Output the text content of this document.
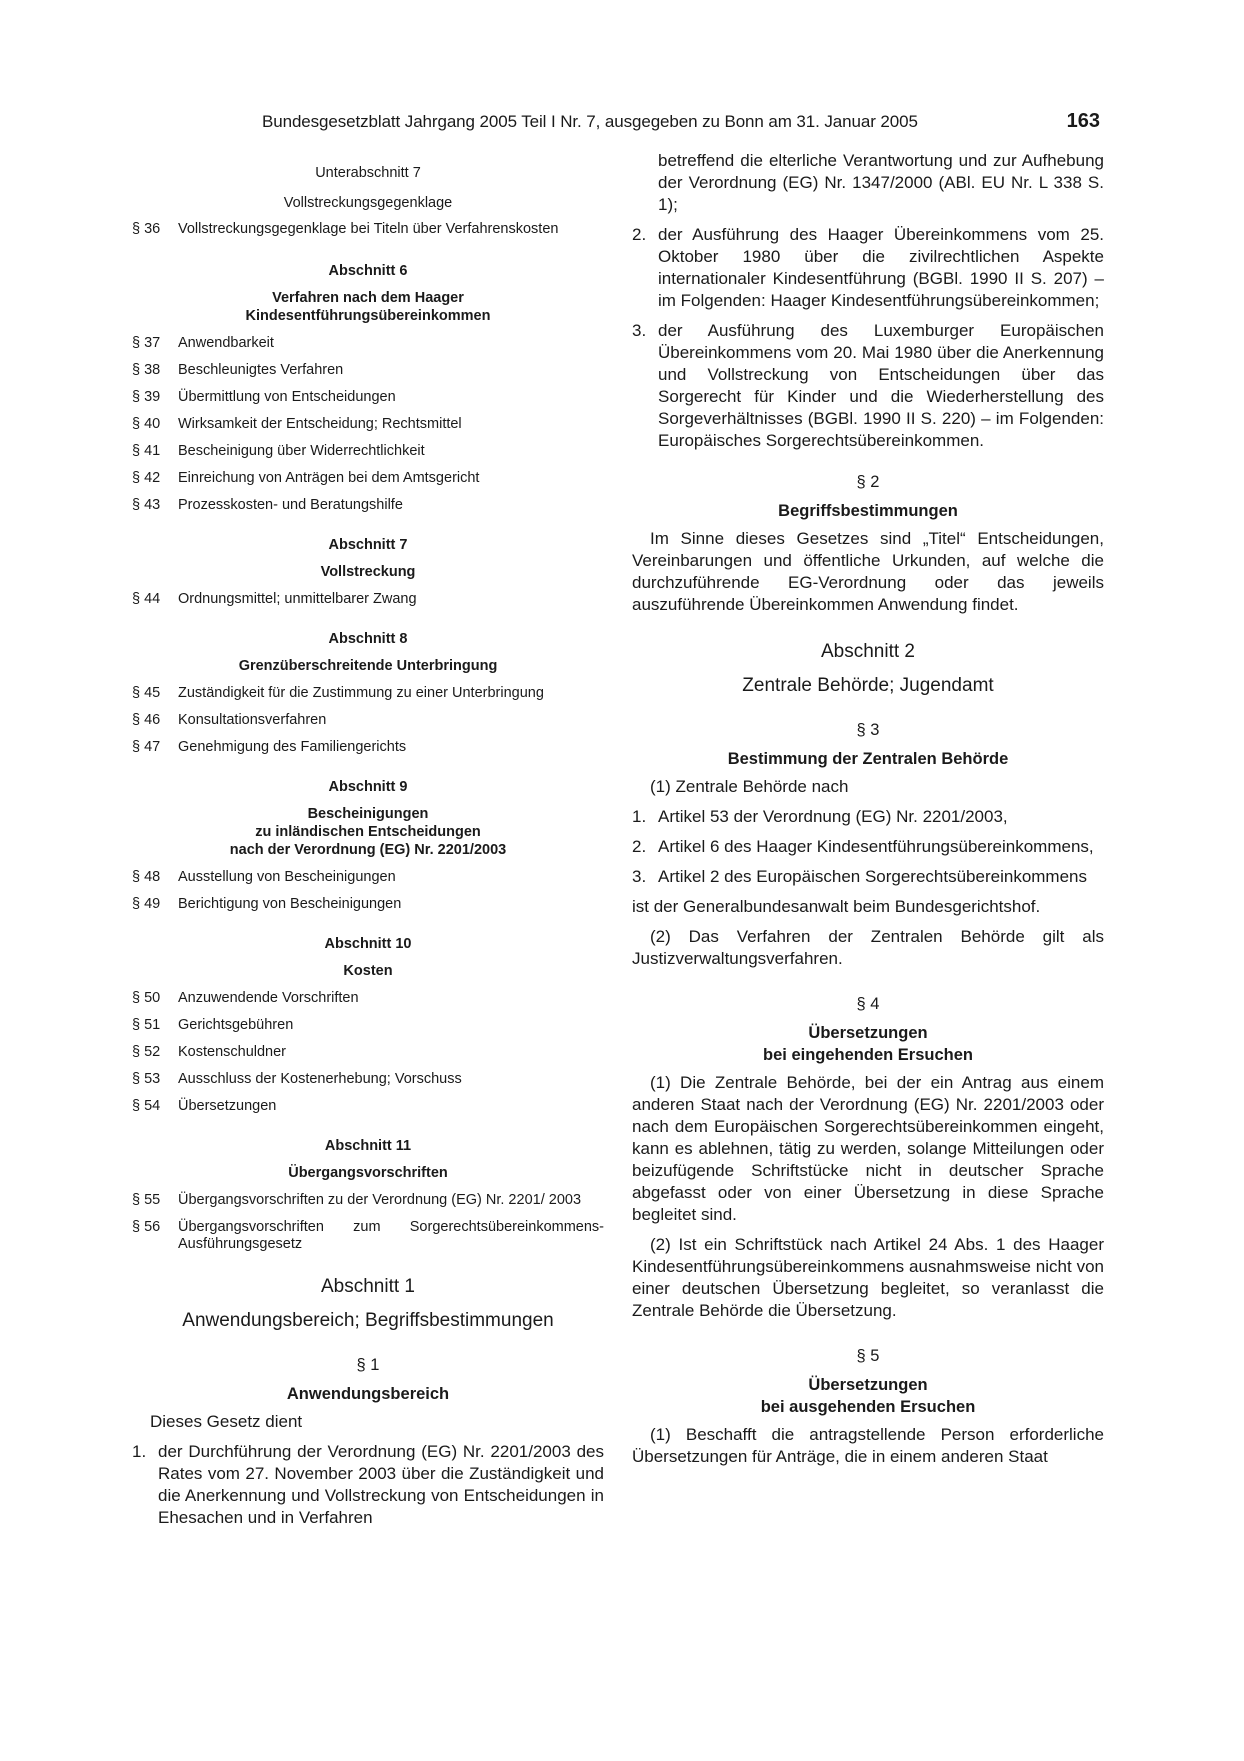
Bundesgesetzblatt Jahrgang 2005 Teil I Nr. 7, ausgegeben zu Bonn am 31. Januar 2005	163

Unterabschnitt 7

Vollstreckungsgegenklage

§ 36	Vollstreckungsgegenklage bei Titeln über Verfahrenskosten

Abschnitt 6

Verfahren nach dem Haager Kindesentführungsübereinkommen

§ 37	Anwendbarkeit
§ 38	Beschleunigtes Verfahren
§ 39	Übermittlung von Entscheidungen
§ 40	Wirksamkeit der Entscheidung; Rechtsmittel
§ 41	Bescheinigung über Widerrechtlichkeit
§ 42	Einreichung von Anträgen bei dem Amtsgericht
§ 43	Prozesskosten- und Beratungshilfe

Abschnitt 7

Vollstreckung

§ 44	Ordnungsmittel; unmittelbarer Zwang

Abschnitt 8

Grenzüberschreitende Unterbringung

§ 45	Zuständigkeit für die Zustimmung zu einer Unterbringung
§ 46	Konsultationsverfahren
§ 47	Genehmigung des Familiengerichts

Abschnitt 9

Bescheinigungen

zu inländischen Entscheidungen

nach der Verordnung (EG) Nr. 2201/2003

§ 48	Ausstellung von Bescheinigungen
§ 49	Berichtigung von Bescheinigungen

Abschnitt 10

Kosten

§ 50	Anzuwendende Vorschriften
§ 51	Gerichtsgebühren
§ 52	Kostenschuldner
§ 53	Ausschluss der Kostenerhebung; Vorschuss
§ 54	Übersetzungen

Abschnitt 11

Übergangsvorschriften

§ 55	Übergangsvorschriften zu der Verordnung (EG) Nr. 2201/ 2003
§ 56	Übergangsvorschriften zum Sorgerechtsübereinkommens-Ausführungsgesetz

Abschnitt 1

Anwendungsbereich; Begriffsbestimmungen

§ 1

Anwendungsbereich

Dieses Gesetz dient

1. der Durchführung der Verordnung (EG) Nr. 2201/2003 des Rates vom 27. November 2003 über die Zuständigkeit und die Anerkennung und Vollstreckung von Entscheidungen in Ehesachen und in Verfahren

betreffend die elterliche Verantwortung und zur Aufhebung der Verordnung (EG) Nr. 1347/2000 (ABl. EU Nr. L 338 S. 1);

2. der Ausführung des Haager Übereinkommens vom 25. Oktober 1980 über die zivilrechtlichen Aspekte internationaler Kindesentführung (BGBl. 1990 II S. 207) – im Folgenden: Haager Kindesentführungsübereinkommen;
3. der Ausführung des Luxemburger Europäischen Übereinkommens vom 20. Mai 1980 über die Anerkennung und Vollstreckung von Entscheidungen über das Sorgerecht für Kinder und die Wiederherstellung des Sorgeverhältnisses (BGBl. 1990 II S. 220) – im Folgenden: Europäisches Sorgerechtsübereinkommen.

§ 2

Begriffsbestimmungen

Im Sinne dieses Gesetzes sind „Titel“ Entscheidungen, Vereinbarungen und öffentliche Urkunden, auf welche die durchzuführende EG-Verordnung oder das jeweils auszuführende Übereinkommen Anwendung findet.

Abschnitt 2

Zentrale Behörde; Jugendamt

§ 3

Bestimmung der Zentralen Behörde

(1) Zentrale Behörde nach

1. Artikel 53 der Verordnung (EG) Nr. 2201/2003,
2. Artikel 6 des Haager Kindesentführungsübereinkommens,
3. Artikel 2 des Europäischen Sorgerechtsübereinkommens

ist der Generalbundesanwalt beim Bundesgerichtshof.

(2) Das Verfahren der Zentralen Behörde gilt als Justizverwaltungsverfahren.

§ 4

Übersetzungen

bei eingehenden Ersuchen

(1) Die Zentrale Behörde, bei der ein Antrag aus einem anderen Staat nach der Verordnung (EG) Nr. 2201/2003 oder nach dem Europäischen Sorgerechtsübereinkommen eingeht, kann es ablehnen, tätig zu werden, solange Mitteilungen oder beizufügende Schriftstücke nicht in deutscher Sprache abgefasst oder von einer Übersetzung in diese Sprache begleitet sind.

(2) Ist ein Schriftstück nach Artikel 24 Abs. 1 des Haager Kindesentführungsübereinkommens ausnahmsweise nicht von einer deutschen Übersetzung begleitet, so veranlasst die Zentrale Behörde die Übersetzung.

§ 5

Übersetzungen

bei ausgehenden Ersuchen

(1) Beschafft die antragstellende Person erforderliche Übersetzungen für Anträge, die in einem anderen Staat
